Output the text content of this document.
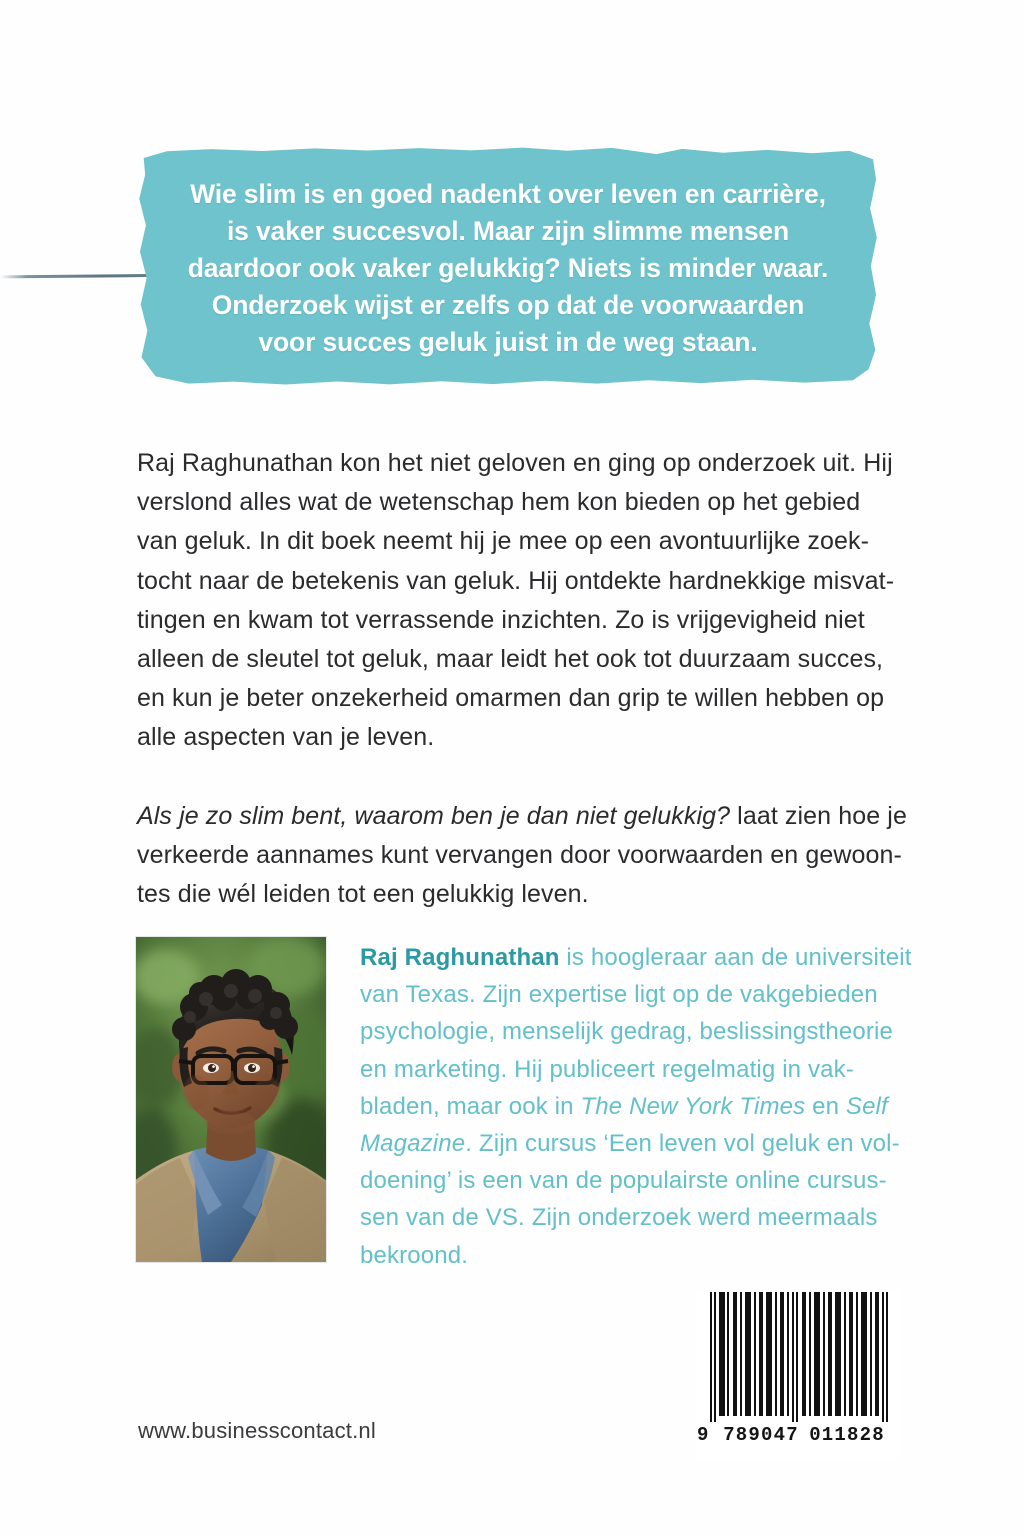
Wie slim is en goed nadenkt over leven en carrière,
is vaker succesvol. Maar zijn slimme mensen
daardoor ook vaker gelukkig? Niets is minder waar.
Onderzoek wijst er zelfs op dat de voorwaarden
voor succes geluk juist in de weg staan.

Raj Raghunathan kon het niet geloven en ging op onderzoek uit. Hij
verslond alles wat de wetenschap hem kon bieden op het gebied
van geluk. In dit boek neemt hij je mee op een avontuurlijke zoek-
tocht naar de betekenis van geluk. Hij ontdekte hardnekkige misvat-
tingen en kwam tot verrassende inzichten. Zo is vrijgevigheid niet
alleen de sleutel tot geluk, maar leidt het ook tot duurzaam succes,
en kun je beter onzekerheid omarmen dan grip te willen hebben op
alle aspecten van je leven.

Als je zo slim bent, waarom ben je dan niet gelukkig? laat zien hoe je
verkeerde aannames kunt vervangen door voorwaarden en gewoon-
tes die wél leiden tot een gelukkig leven.

Raj Raghunathan is hoogleraar aan de universiteit
van Texas. Zijn expertise ligt op de vakgebieden
psychologie, menselijk gedrag, beslissingstheorie
en marketing. Hij publiceert regelmatig in vak-
bladen, maar ook in The New York Times en Self
Magazine. Zijn cursus ‘Een leven vol geluk en vol-
doening’ is een van de populairste online cursus-
sen van de VS. Zijn onderzoek werd meermaals
bekroond.
www.businesscontact.nl	9 789047 011828
